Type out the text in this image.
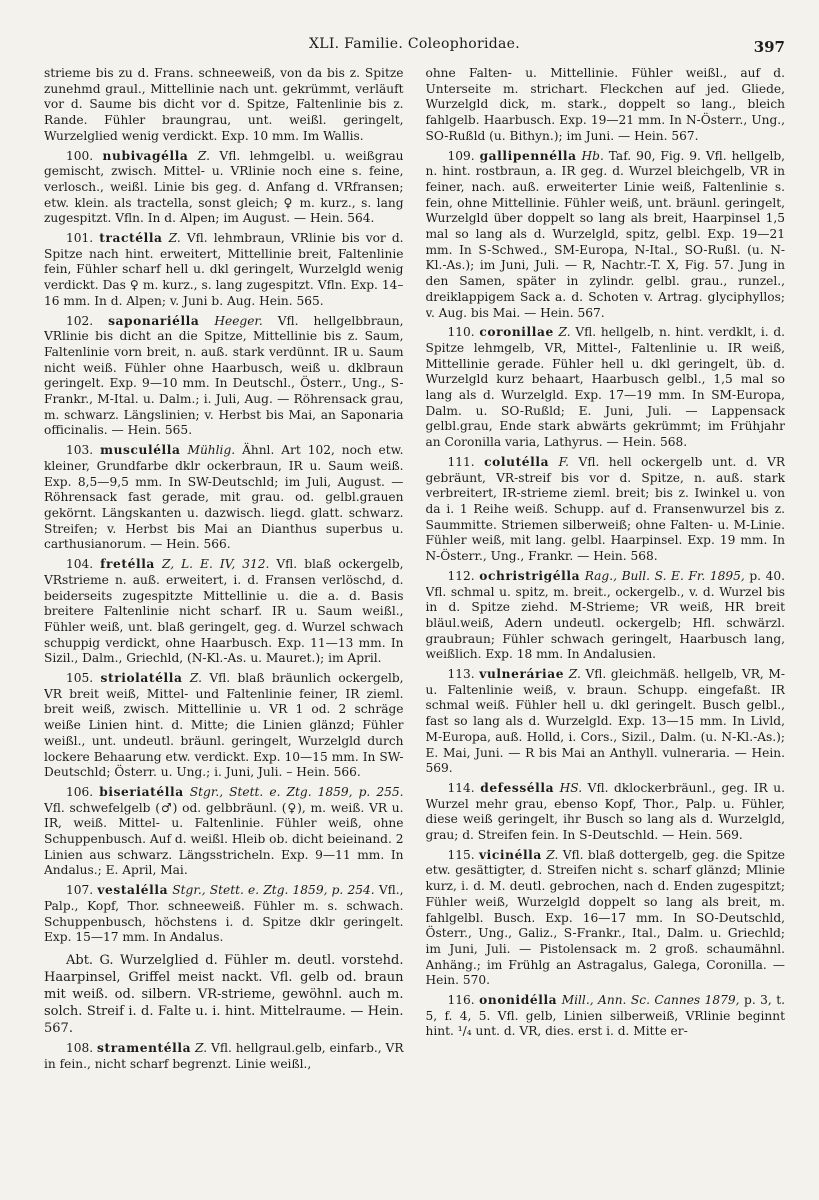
XLI. Familie. Coleophoridae.	397

strieme bis zu d. Frans. schneeweiß, von da bis z. Spitze zunehmd graul., Mittellinie nach unt. gekrümmt, verläuft vor d. Saume bis dicht vor d. Spitze, Faltenlinie bis z. Rande. Fühler braungrau, unt. weißl. geringelt, Wurzelglied wenig verdickt. Exp. 10 mm. Im Wallis.

100. nubivagélla Z. Vfl. lehmgelbl. u. weißgrau gemischt, zwisch. Mittel- u. VRlinie noch eine s. feine, verlosch., weißl. Linie bis geg. d. Anfang d. VRfransen; etw. klein. als tractella, sonst gleich; ♀ m. kurz., s. lang zugespitzt. Vfln. In d. Alpen; im August. — Hein. 564.

101. tractélla Z. Vfl. lehmbraun, VRlinie bis vor d. Spitze nach hint. erweitert, Mittellinie breit, Faltenlinie fein, Fühler scharf hell u. dkl geringelt, Wurzelgld wenig verdickt. Das ♀ m. kurz., s. lang zugespitzt. Vfln. Exp. 14–16 mm. In d. Alpen; v. Juni b. Aug. Hein. 565.

102. saponariélla Heeger. Vfl. hellgelbbraun, VRlinie bis dicht an die Spitze, Mittellinie bis z. Saum, Faltenlinie vorn breit, n. auß. stark verdünnt. IR u. Saum nicht weiß. Fühler ohne Haarbusch, weiß u. dklbraun geringelt. Exp. 9—10 mm. In Deutschl., Österr., Ung., S-Frankr., M-Ital. u. Dalm.; i. Juli, Aug. — Röhrensack grau, m. schwarz. Längslinien; v. Herbst bis Mai, an Saponaria officinalis. — Hein. 565.

103. musculélla Mühlig. Ähnl. Art 102, noch etw. kleiner, Grundfarbe dklr ockerbraun, IR u. Saum weiß. Exp. 8,5—9,5 mm. In SW-Deutschld; im Juli, August. — Röhrensack fast gerade, mit grau. od. gelbl.grauen gekörnt. Längskanten u. dazwisch. liegd. glatt. schwarz. Streifen; v. Herbst bis Mai an Dianthus superbus u. carthusianorum. — Hein. 566.

104. fretélla Z, L. E. IV, 312. Vfl. blaß ockergelb, VRstrieme n. auß. erweitert, i. d. Fransen verlöschd, d. beiderseits zugespitzte Mittellinie u. die a. d. Basis breitere Faltenlinie nicht scharf. IR u. Saum weißl., Fühler weiß, unt. blaß geringelt, geg. d. Wurzel schwach schuppig verdickt, ohne Haarbusch. Exp. 11—13 mm. In Sizil., Dalm., Griechld, (N-Kl.-As. u. Mauret.); im April.

105. striolatélla Z. Vfl. blaß bräunlich ockergelb, VR breit weiß, Mittel- und Faltenlinie feiner, IR zieml. breit weiß, zwisch. Mittellinie u. VR 1 od. 2 schräge weiße Linien hint. d. Mitte; die Linien glänzd; Fühler weißl., unt. undeutl. bräunl. geringelt, Wurzelgld durch lockere Behaarung etw. verdickt. Exp. 10—15 mm. In SW-Deutschld; Österr. u. Ung.; i. Juni, Juli. – Hein. 566.

106. biseriatélla Stgr., Stett. e. Ztg. 1859, p. 255. Vfl. schwefelgelb (♂) od. gelbbräunl. (♀), m. weiß. VR u. IR, weiß. Mittel- u. Faltenlinie. Fühler weiß, ohne Schuppenbusch. Auf d. weißl. Hleib ob. dicht beieinand. 2 Linien aus schwarz. Längsstricheln. Exp. 9—11 mm. In Andalus.; E. April, Mai.

107. vestalélla Stgr., Stett. e. Ztg. 1859, p. 254. Vfl., Palp., Kopf, Thor. schneeweiß. Fühler m. s. schwach. Schuppenbusch, höchstens i. d. Spitze dklr geringelt. Exp. 15—17 mm. In Andalus.

Abt. G. Wurzelglied d. Fühler m. deutl. vorstehd. Haarpinsel, Griffel meist nackt. Vfl. gelb od. braun mit weiß. od. silbern. VR-strieme, gewöhnl. auch m. solch. Streif i. d. Falte u. i. hint. Mittelraume. — Hein. 567.

108. stramentélla Z. Vfl. hellgraul.gelb, einfarb., VR in fein., nicht scharf begrenzt. Linie weißl.,

ohne Falten- u. Mittellinie. Fühler weißl., auf d. Unterseite m. strichart. Fleckchen auf jed. Gliede, Wurzelgld dick, m. stark., doppelt so lang., bleich fahlgelb. Haarbusch. Exp. 19—21 mm. In N-Österr., Ung., SO-Rußld (u. Bithyn.); im Juni. — Hein. 567.

109. gallipennélla Hb. Taf. 90, Fig. 9. Vfl. hellgelb, n. hint. rostbraun, a. IR geg. d. Wurzel bleichgelb, VR in feiner, nach. auß. erweiterter Linie weiß, Faltenlinie s. fein, ohne Mittellinie. Fühler weiß, unt. bräunl. geringelt, Wurzelgld über doppelt so lang als breit, Haarpinsel 1,5 mal so lang als d. Wurzelgld, spitz, gelbl. Exp. 19—21 mm. In S-Schwed., SM-Europa, N-Ital., SO-Rußl. (u. N-Kl.-As.); im Juni, Juli. — R, Nachtr.-T. X, Fig. 57. Jung in den Samen, später in zylindr. gelbl. grau., runzel., dreiklappigem Sack a. d. Schoten v. Artrag. glyciphyllos; v. Aug. bis Mai. — Hein. 567.

110. coronillae Z. Vfl. hellgelb, n. hint. verdklt, i. d. Spitze lehmgelb, VR, Mittel-, Faltenlinie u. IR weiß, Mittellinie gerade. Fühler hell u. dkl geringelt, üb. d. Wurzelgld kurz behaart, Haarbusch gelbl., 1,5 mal so lang als d. Wurzelgld. Exp. 17—19 mm. In SM-Europa, Dalm. u. SO-Rußld; E. Juni, Juli. — Lappensack gelbl.grau, Ende stark abwärts gekrümmt; im Frühjahr an Coronilla varia, Lathyrus. — Hein. 568.

111. colutélla F. Vfl. hell ockergelb unt. d. VR gebräunt, VR-streif bis vor d. Spitze, n. auß. stark verbreitert, IR-strieme zieml. breit; bis z. Iwinkel u. von da i. 1 Reihe weiß. Schupp. auf d. Fransenwurzel bis z. Saummitte. Striemen silberweiß; ohne Falten- u. M-Linie. Fühler weiß, mit lang. gelbl. Haarpinsel. Exp. 19 mm. In N-Österr., Ung., Frankr. — Hein. 568.

112. ochristrigélla Rag., Bull. S. E. Fr. 1895, p. 40. Vfl. schmal u. spitz, m. breit., ockergelb., v. d. Wurzel bis in d. Spitze ziehd. M-Strieme; VR weiß, HR breit bläul.weiß, Adern undeutl. ockergelb; Hfl. schwärzl. graubraun; Fühler schwach geringelt, Haarbusch lang, weißlich. Exp. 18 mm. In Andalusien.

113. vulneráriae Z. Vfl. gleichmäß. hellgelb, VR, M- u. Faltenlinie weiß, v. braun. Schupp. eingefaßt. IR schmal weiß. Fühler hell u. dkl geringelt. Busch gelbl., fast so lang als d. Wurzelgld. Exp. 13—15 mm. In Livld, M-Europa, auß. Holld, i. Cors., Sizil., Dalm. (u. N-Kl.-As.); E. Mai, Juni. — R bis Mai an Anthyll. vulneraria. — Hein. 569.

114. defessélla HS. Vfl. dklockerbräunl., geg. IR u. Wurzel mehr grau, ebenso Kopf, Thor., Palp. u. Fühler, diese weiß geringelt, ihr Busch so lang als d. Wurzelgld, grau; d. Streifen fein. In S-Deutschld. — Hein. 569.

115. vicinélla Z. Vfl. blaß dottergelb, geg. die Spitze etw. gesättigter, d. Streifen nicht s. scharf glänzd; Mlinie kurz, i. d. M. deutl. gebrochen, nach d. Enden zugespitzt; Fühler weiß, Wurzelgld doppelt so lang als breit, m. fahlgelbl. Busch. Exp. 16—17 mm. In SO-Deutschld, Österr., Ung., Galiz., S-Frankr., Ital., Dalm. u. Griechld; im Juni, Juli. — Pistolensack m. 2 groß. schaumähnl. Anhäng.; im Frühlg an Astragalus, Galega, Coronilla. — Hein. 570.

116. ononidélla Mill., Ann. Sc. Cannes 1879, p. 3, t. 5, f. 4, 5. Vfl. gelb, Linien silberweiß, VRlinie beginnt hint. ¹/₄ unt. d. VR, dies. erst i. d. Mitte er-
